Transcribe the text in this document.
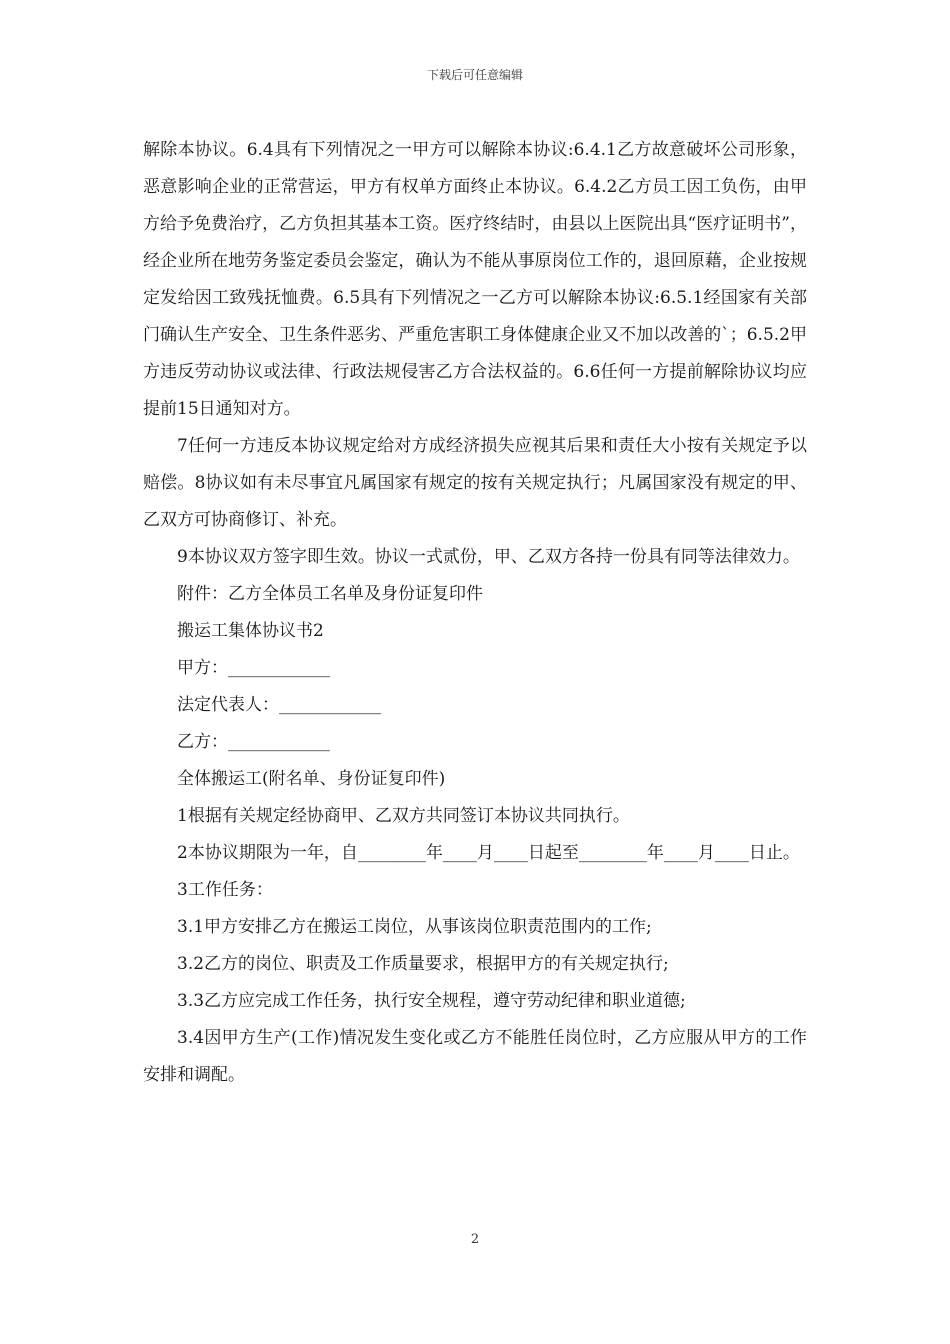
下载后可任意编辑

解除本协议。6.4具有下列情况之一甲方可以解除本协议:6.4.1乙方故意破坏公司形象，恶意影响企业的正常营运，甲方有权单方面终止本协议。6.4.2乙方员工因工负伤，由甲方给予免费治疗，乙方负担其基本工资。医疗终结时，由县以上医院出具“医疗证明书”，经企业所在地劳务鉴定委员会鉴定，确认为不能从事原岗位工作的，退回原藉，企业按规定发给因工致残抚恤费。6.5具有下列情况之一乙方可以解除本协议:6.5.1经国家有关部门确认生产安全、卫生条件恶劣、严重危害职工身体健康企业又不加以改善的`；6.5.2甲方违反劳动协议或法律、行政法规侵害乙方合法权益的。6.6任何一方提前解除协议均应提前15日通知对方。

7任何一方违反本协议规定给对方成经济损失应视其后果和责任大小按有关规定予以赔偿。8协议如有未尽事宜凡属国家有规定的按有关规定执行；凡属国家没有规定的甲、乙双方可协商修订、补充。

9本协议双方签字即生效。协议一式贰份，甲、乙双方各持一份具有同等法律效力。

附件：乙方全体员工名单及身份证复印件

搬运工集体协议书2

甲方：____________

法定代表人：____________

乙方：____________

全体搬运工(附名单、身份证复印件)

1根据有关规定经协商甲、乙双方共同签订本协议共同执行。

2本协议期限为一年，自________年____月____日起至________年____月____日止。

3工作任务：

3.1甲方安排乙方在搬运工岗位，从事该岗位职责范围内的工作;

3.2乙方的岗位、职责及工作质量要求，根据甲方的有关规定执行;

3.3乙方应完成工作任务，执行安全规程，遵守劳动纪律和职业道德;

3.4因甲方生产(工作)情况发生变化或乙方不能胜任岗位时，乙方应服从甲方的工作安排和调配。

2
